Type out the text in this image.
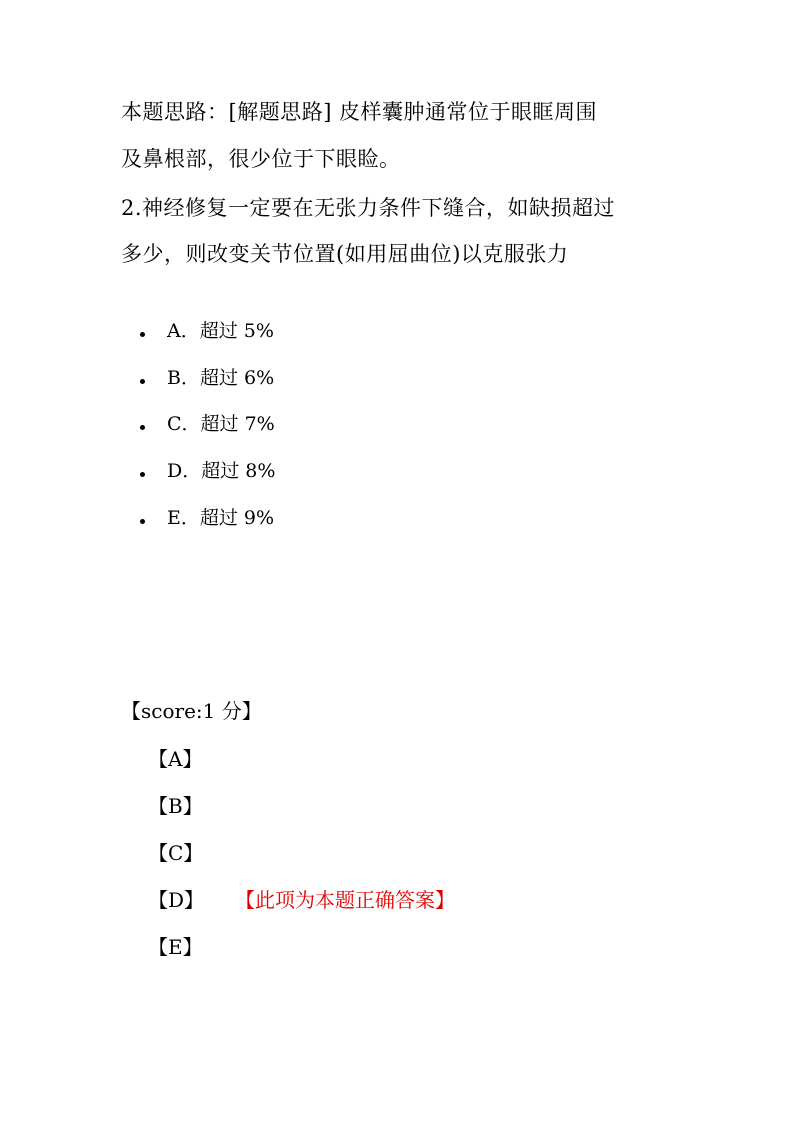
本题思路：[解题思路] 皮样囊肿通常位于眼眶周围
及鼻根部，很少位于下眼睑。
2.神经修复一定要在无张力条件下缝合，如缺损超过
多少，则改变关节位置(如用屈曲位)以克服张力
A．超过 5%
B．超过 6%
C．超过 7%
D．超过 8%
E．超过 9%
【score:1 分】
【A】
【B】
【C】
【D】	【此项为本题正确答案】
【E】
